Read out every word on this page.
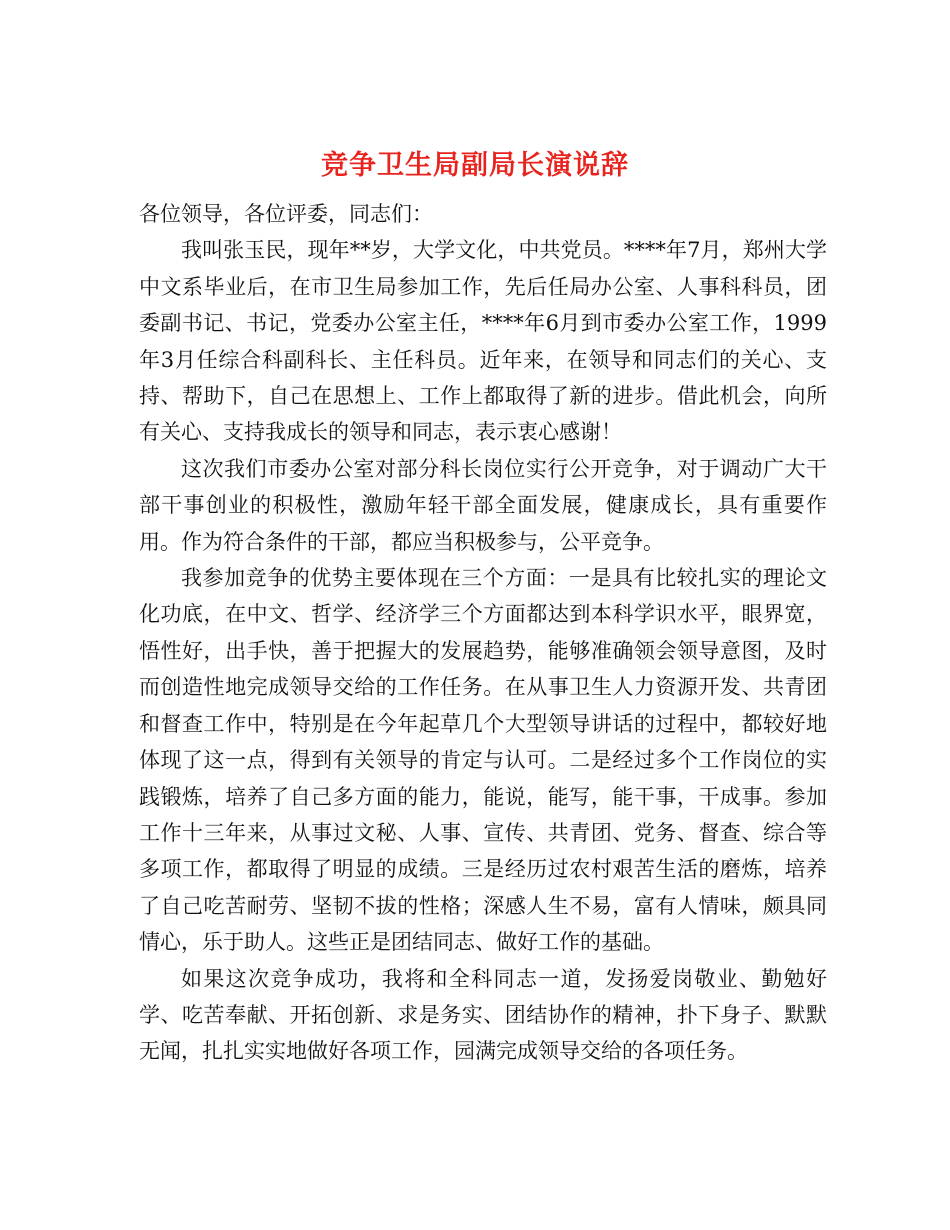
竞争卫生局副局长演说辞

各位领导，各位评委，同志们：

我叫张玉民，现年**岁，大学文化，中共党员。****年7月，郑州大学中文系毕业后，在市卫生局参加工作，先后任局办公室、人事科科员，团委副书记、书记，党委办公室主任，****年6月到市委办公室工作，1999年3月任综合科副科长、主任科员。近年来，在领导和同志们的关心、支持、帮助下，自己在思想上、工作上都取得了新的进步。借此机会，向所有关心、支持我成长的领导和同志，表示衷心感谢！

这次我们市委办公室对部分科长岗位实行公开竞争，对于调动广大干部干事创业的积极性，激励年轻干部全面发展，健康成长，具有重要作用。作为符合条件的干部，都应当积极参与，公平竞争。

我参加竞争的优势主要体现在三个方面：一是具有比较扎实的理论文化功底，在中文、哲学、经济学三个方面都达到本科学识水平，眼界宽，悟性好，出手快，善于把握大的发展趋势，能够准确领会领导意图，及时而创造性地完成领导交给的工作任务。在从事卫生人力资源开发、共青团和督查工作中，特别是在今年起草几个大型领导讲话的过程中，都较好地体现了这一点，得到有关领导的肯定与认可。二是经过多个工作岗位的实践锻炼，培养了自己多方面的能力，能说，能写，能干事，干成事。参加工作十三年来，从事过文秘、人事、宣传、共青团、党务、督查、综合等多项工作，都取得了明显的成绩。三是经历过农村艰苦生活的磨炼，培养了自己吃苦耐劳、坚韧不拔的性格；深感人生不易，富有人情味，颇具同情心，乐于助人。这些正是团结同志、做好工作的基础。

如果这次竞争成功，我将和全科同志一道，发扬爱岗敬业、勤勉好学、吃苦奉献、开拓创新、求是务实、团结协作的精神，扑下身子、默默无闻，扎扎实实地做好各项工作，园满完成领导交给的各项任务。
